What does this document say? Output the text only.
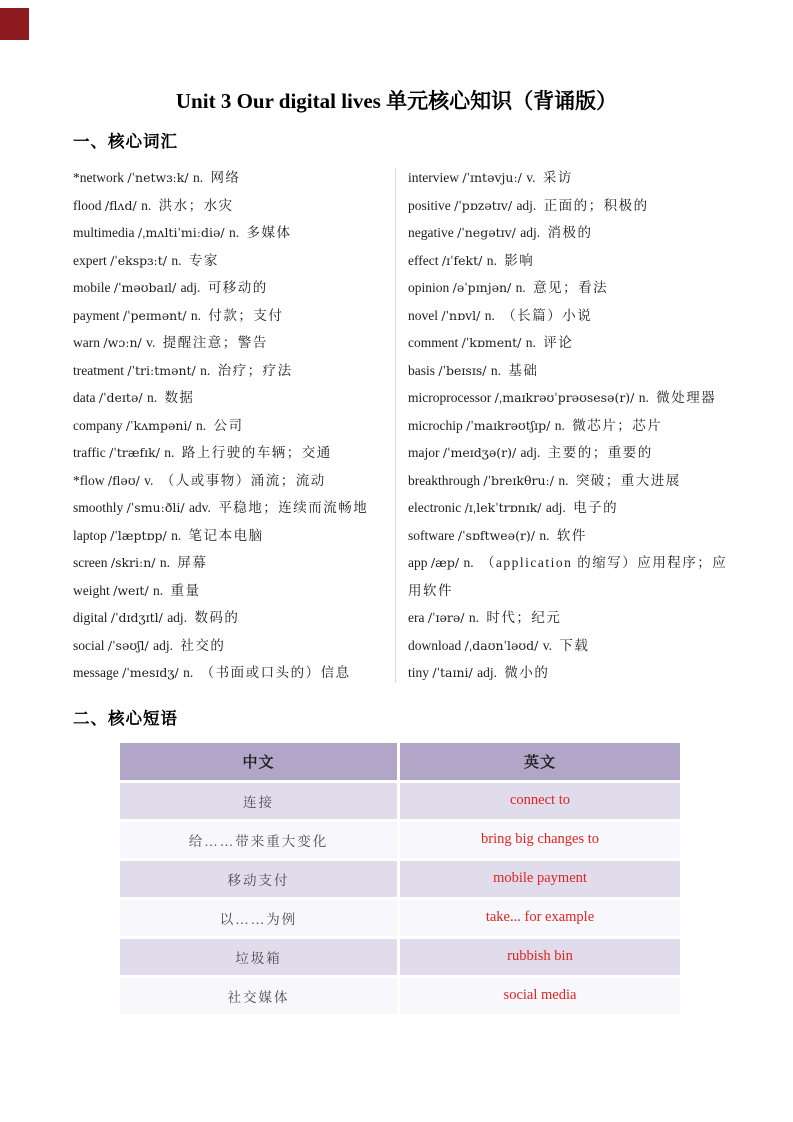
Unit 3 Our digital lives 单元核心知识（背诵版）
一、核心词汇
*network /ˈnetwɜːk/ n. 网络
flood /flʌd/ n. 洪水；水灾
multimedia /ˌmʌltiˈmiːdiə/ n. 多媒体
expert /ˈekspɜːt/ n. 专家
mobile /ˈməʊbaɪl/ adj. 可移动的
payment /ˈpeɪmənt/ n. 付款；支付
warn /wɔːn/ v. 提醒注意；警告
treatment /ˈtriːtmənt/ n. 治疗；疗法
data /ˈdeɪtə/ n. 数据
company /ˈkʌmpəni/ n. 公司
traffic /ˈtræfɪk/ n. 路上行驶的车辆；交通
*flow /fləʊ/ v. （人或事物）涌流；流动
smoothly /ˈsmuːðli/ adv. 平稳地；连续而流畅地
laptop /ˈlæptɒp/ n. 笔记本电脑
screen /skriːn/ n. 屏幕
weight /weɪt/ n. 重量
digital /ˈdɪdʒɪtl/ adj. 数码的
social /ˈsəʊʃl/ adj. 社交的
message /ˈmesɪdʒ/ n. （书面或口头的）信息
interview /ˈɪntəvjuː/ v. 采访
positive /ˈpɒzətɪv/ adj. 正面的；积极的
negative /ˈnegətɪv/ adj. 消极的
effect /ɪˈfekt/ n. 影响
opinion /əˈpɪnjən/ n. 意见；看法
novel /ˈnɒvl/ n. （长篇）小说
comment /ˈkɒment/ n. 评论
basis /ˈbeɪsɪs/ n. 基础
microprocessor /ˌmaɪkrəʊˈprəʊsesə(r)/ n. 微处理器
microchip /ˈmaɪkrəʊtʃɪp/ n. 微芯片；芯片
major /ˈmeɪdʒə(r)/ adj. 主要的；重要的
breakthrough /ˈbreɪkθruː/ n. 突破；重大进展
electronic /ɪˌlekˈtrɒnɪk/ adj. 电子的
software /ˈsɒftweə(r)/ n. 软件
app /æp/ n. （application 的缩写）应用程序；应用软件
era /ˈɪərə/ n. 时代；纪元
download /ˌdaʊnˈləʊd/ v. 下载
tiny /ˈtaɪni/ adj. 微小的
二、核心短语
中文	英文
连接	connect to
给……带来重大变化	bring big changes to
移动支付	mobile payment
以……为例	take... for example
垃圾箱	rubbish bin
社交媒体	social media
